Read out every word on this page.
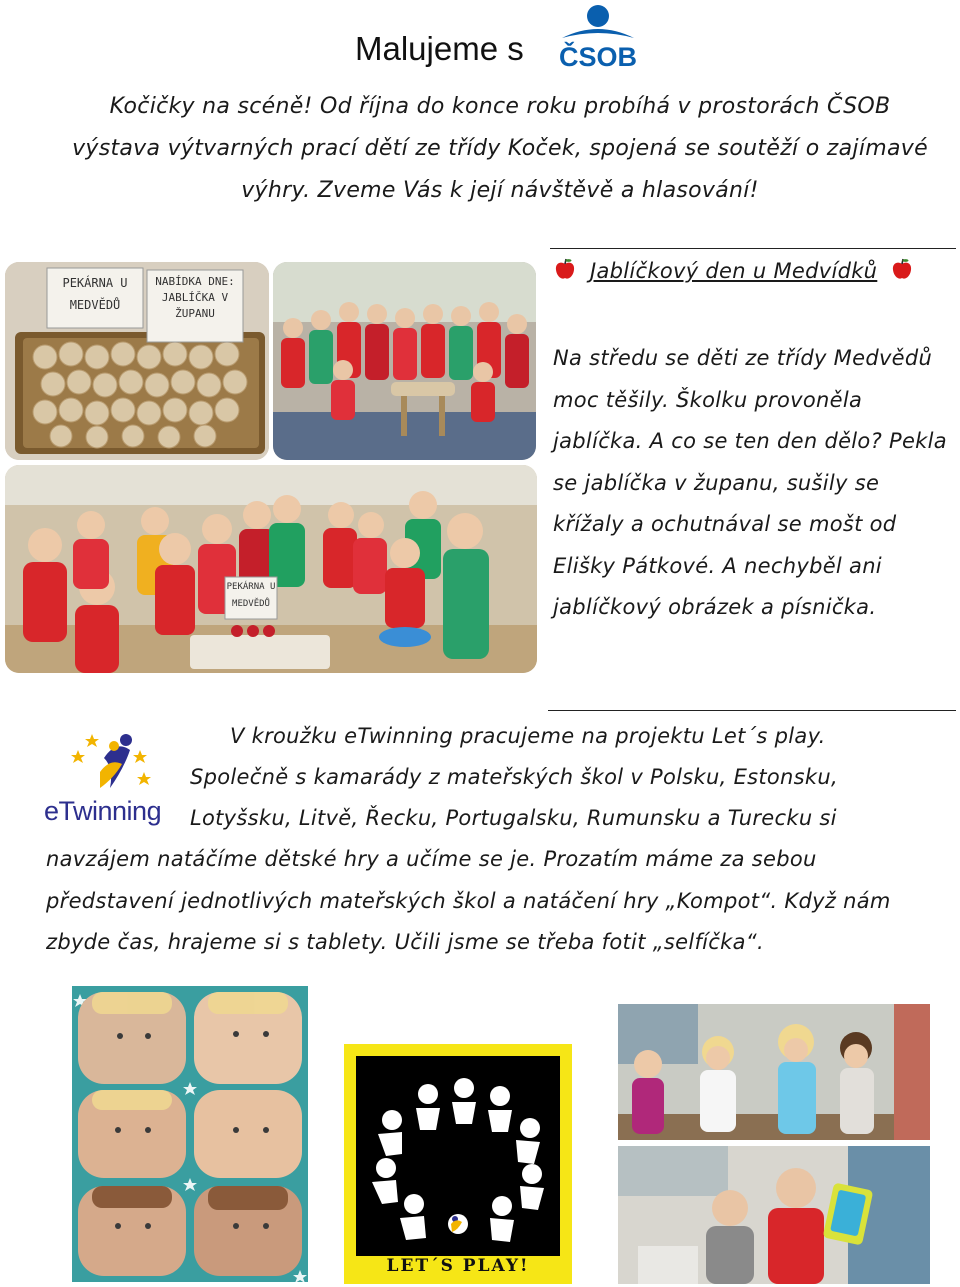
Malujeme s ČSOB
Kočičky na scéně! Od října do konce roku probíhá v prostorách ČSOB výstava výtvarných prací dětí ze třídy Koček, spojená se soutěží o zajímavé výhry. Zveme Vás k její návštěvě a hlasování!
PEKÁRNA U MEDVĚDŮ
NABÍDKA DNE: JABLÍČKA V ŽUPANU
PEKÁRNA U MEDVĚDŮ
Jablíčkový den u Medvídků
Na středu se děti ze třídy Medvědů moc těšily. Školku provoněla jablíčka. A co se ten den dělo? Pekla se jablíčka v županu, sušily se křížaly a ochutnával se mošt od Elišky Pátkové. A nechyběl ani jablíčkový obrázek a písnička.
eTwinning
V kroužku eTwinning pracujeme na projektu Let´s play.
Společně s kamarády z mateřských škol v Polsku, Estonsku,
Lotyšsku, Litvě, Řecku, Portugalsku, Rumunsku a Turecku si
navzájem natáčíme dětské hry a učíme se je. Prozatím máme za sebou představení jednotlivých mateřských škol a natáčení hry „Kompot“. Když nám zbyde čas, hrajeme si s tablety. Učili jsme se třeba fotit „selfíčka“.
LET´S PLAY!
